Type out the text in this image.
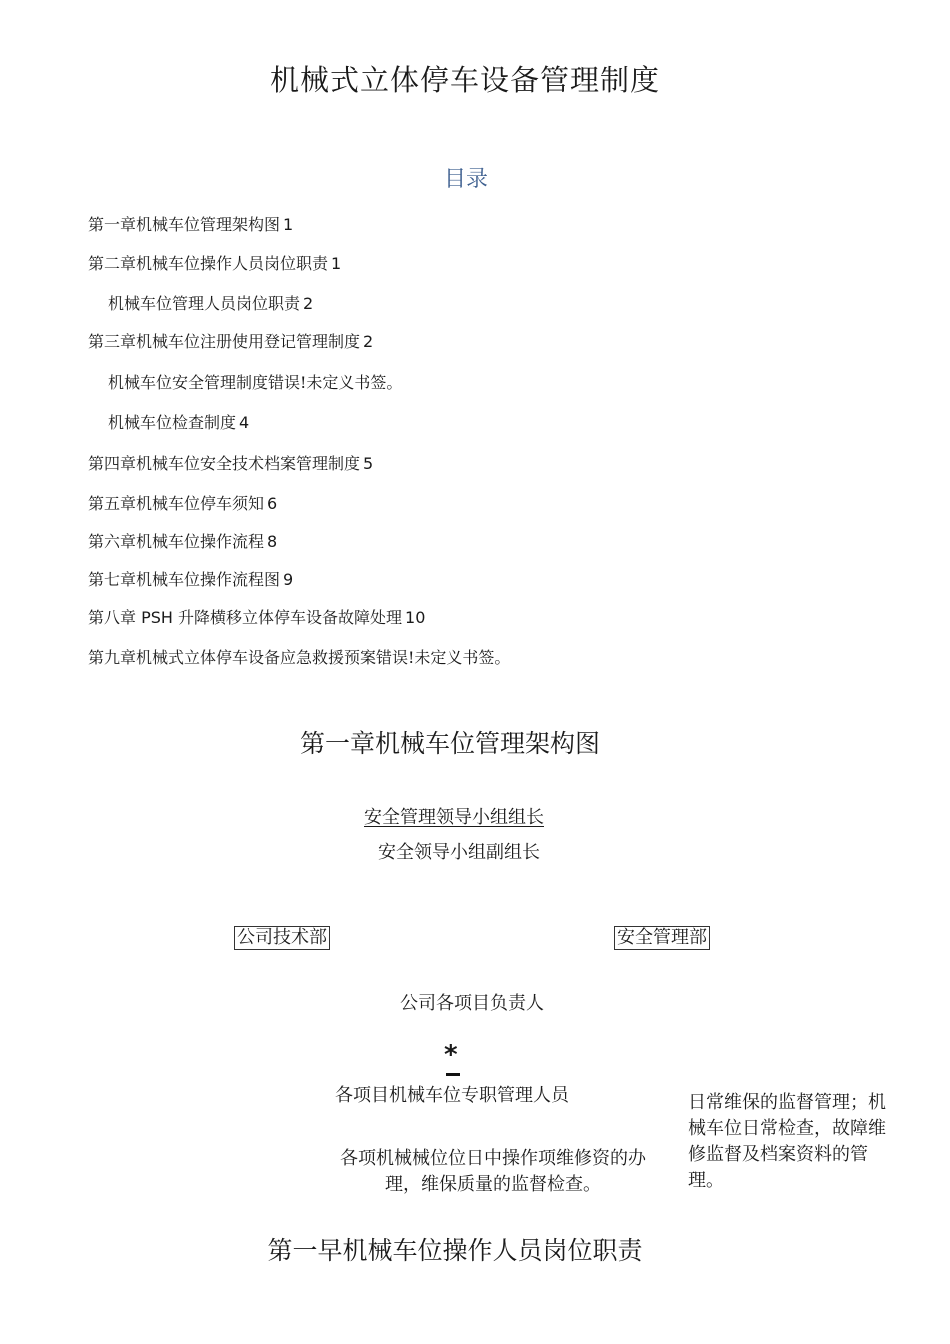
机械式立体停车设备管理制度
目录
第一章机械车位管理架构图 1
第二章机械车位操作人员岗位职责 1
机械车位管理人员岗位职责 2
第三章机械车位注册使用登记管理制度 2
机械车位安全管理制度错误!未定义书签。
机械车位检查制度 4
第四章机械车位安全技术档案管理制度 5
第五章机械车位停车须知 6
第六章机械车位操作流程 8
第七章机械车位操作流程图 9
第八章 PSH 升降横移立体停车设备故障处理 10
第九章机械式立体停车设备应急救援预案错误!未定义书签。
第一章机械车位管理架构图
安全管理领导小组组长
安全领导小组副组长
公司技术部	安全管理部
公司各项目负责人
*
各项目机械车位专职管理人员
各项机械械位位日中操作项维修资的办理，维保质量的监督检查。
日常维保的监督管理；机械车位日常检查，故障维修监督及档案资料的管理。
第一早机械车位操作人员岗位职责
